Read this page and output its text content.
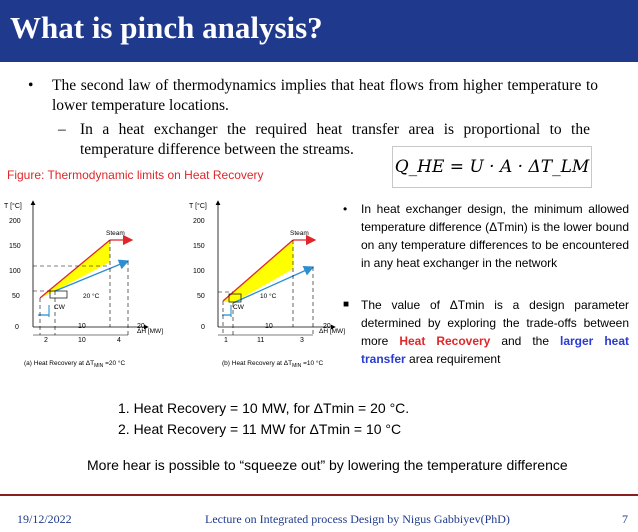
What is pinch analysis?
•	The second law of thermodynamics implies that heat flows from higher temperature to lower temperature locations.
– In a heat exchanger the required heat transfer area is proportional to the temperature difference between the streams.
Figure: Thermodynamic limits on Heat Recovery	Q_HE = U · A · ΔT_LM
•	In heat exchanger design, the minimum allowed temperature difference (ΔTmin) is the lower bound on any temperature differences to be encountered in any heat exchanger in the network
■ The value of ΔTmin is a design parameter determined by exploring the trade-offs between more Heat Recovery and the larger heat transfer area requirement
T [°C]
200
150
100
50
0	10	20
ΔH [MW]
Steam
CW
20 °C
2	10	4
(a) Heat Recovery at $\Delta T_{MIN} =20$ °C
T [°C]
200
150
100
50
0	10	20
ΔH [MW]
Steam
CW
10 °C
1	11	3
(b) Heat Recovery at $\Delta T_{MIN} =10$ °C
1. Heat Recovery = 10 MW, for ΔTmin = 20 °C.
2. Heat Recovery = 11 MW for ΔTmin = 10 °C
More hear is possible to “squeeze out” by lowering the temperature difference
19/12/2022	Lecture on Integrated process Design by Nigus Gabbiyev(PhD)	7
